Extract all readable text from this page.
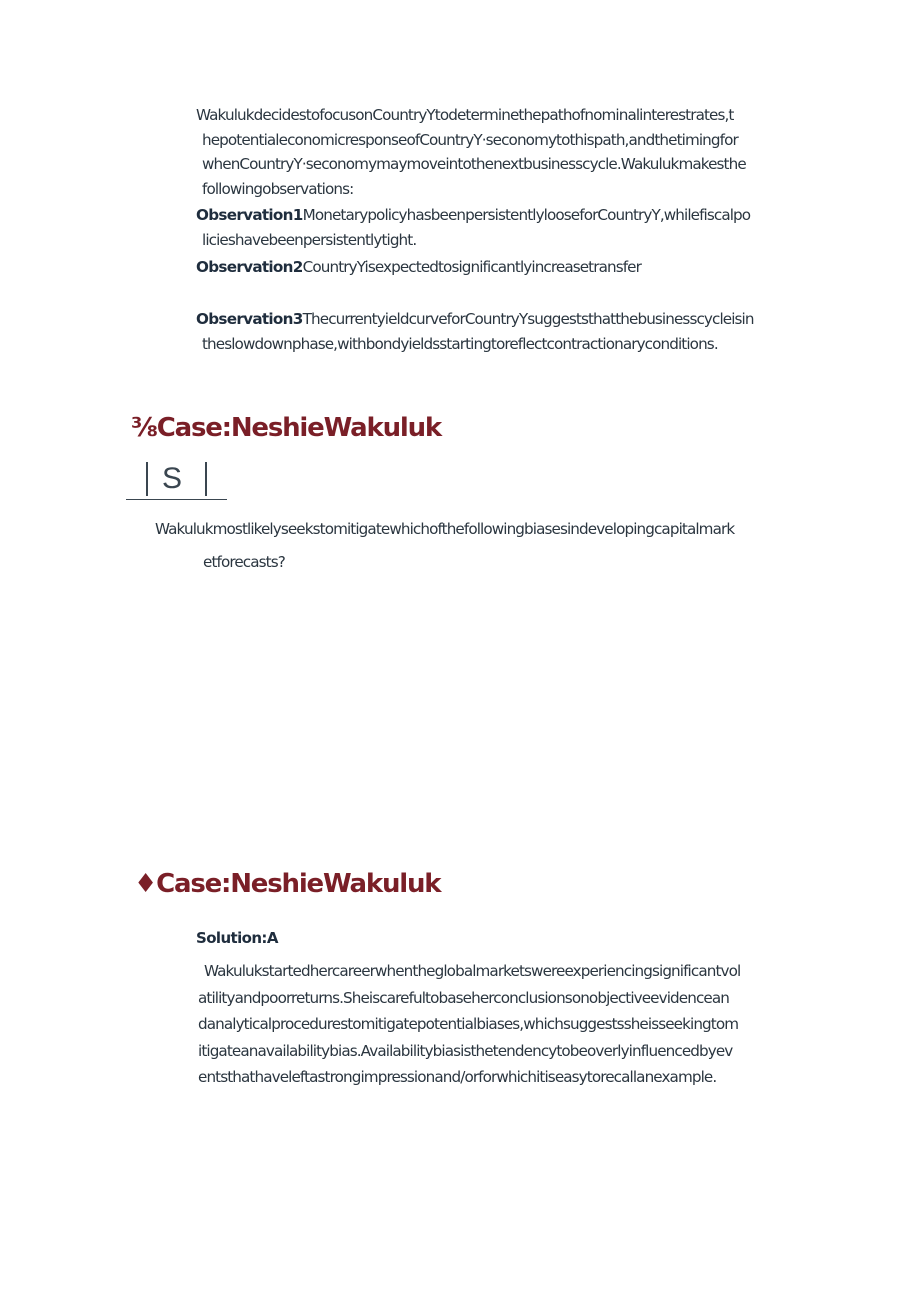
WakulukdecidestofocusonCountryYtodeterminethepathofnominalinterestrates,t
hepotentialeconomicresponseofCountryY·seconomytothispath,andthetimingfor
whenCountryY·seconomymaymoveintothenextbusinesscycle.Wakulukmakesthe
followingobservations:
Observation1MonetarypolicyhasbeenpersistentlylooseforCountryY,whilefiscalpo
licieshavebeenpersistentlytight.
Observation2CountryYisexpectedtosignificantlyincreasetransfer
Observation3ThecurrentyieldcurveforCountryYsuggeststhatthebusinesscycleisin
theslowdownphase,withbondyieldsstartingtoreflectcontractionaryconditions.
⅜Case:NeshieWakuluk
S
Wakulukmostlikelyseekstomitigatewhichofthefollowingbiasesindevelopingcapitalmark
etforecasts?
♦Case:NeshieWakuluk
Solution:A
Wakulukstartedhercareerwhentheglobalmarketswereexperiencingsignificantvol
atilityandpoorreturns.Sheiscarefultobaseherconclusionsonobjectiveevidencean
danalyticalprocedurestomitigatepotentialbiases,whichsuggestssheisseekingtom
itigateanavailabilitybias.Availabilitybiasisthetendencytobeoverlyinfluencedbyev
entsthathaveleftastrongimpressionand/orforwhichitiseasytorecallanexample.
